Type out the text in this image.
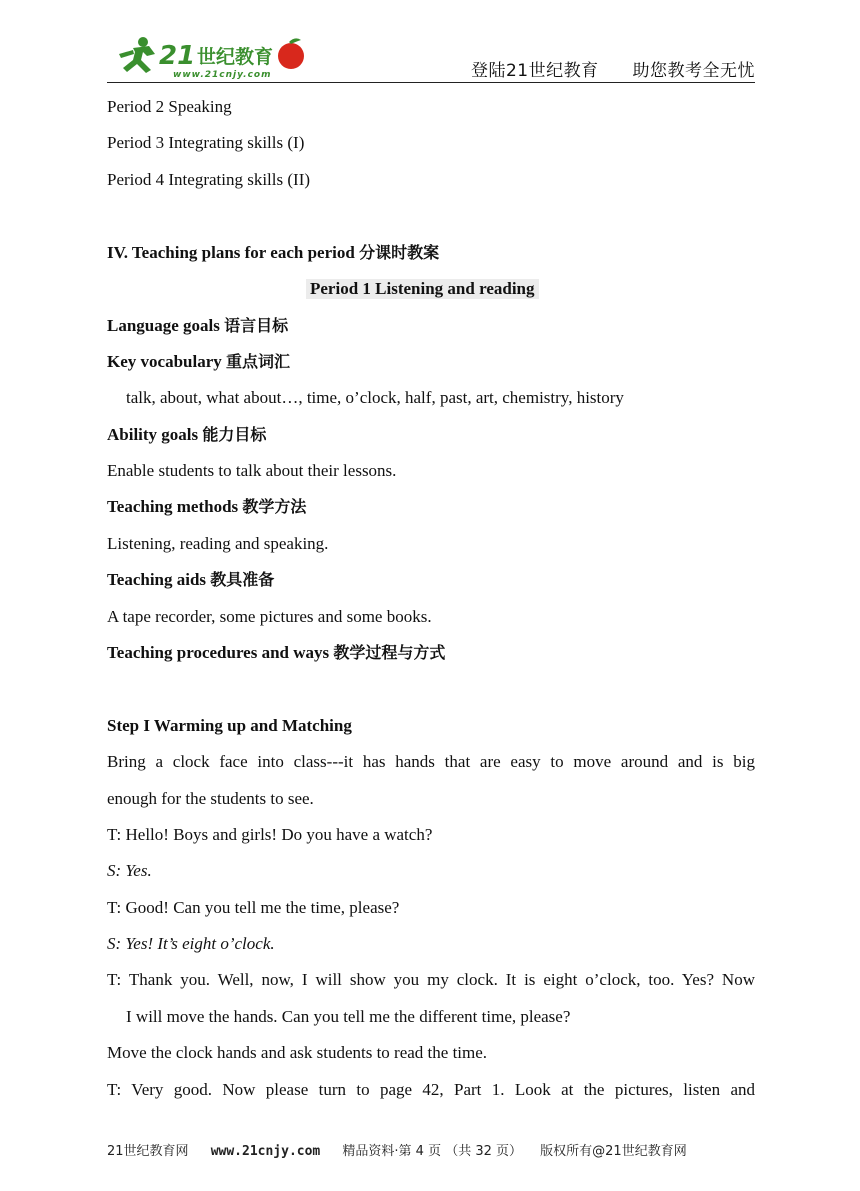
21 世纪教育
www.21cnjy.com	登陆21世纪教育 助您教考全无忧
Period 2 Speaking
Period 3 Integrating skills (I)
Period 4 Integrating skills (II)
IV. Teaching plans for each period 分课时教案
Period 1 Listening and reading
Language goals 语言目标
Key vocabulary 重点词汇
talk, about, what about…, time, o’clock, half, past, art, chemistry, history
Ability goals 能力目标
Enable students to talk about their lessons.
Teaching methods 教学方法
Listening, reading and speaking.
Teaching aids 教具准备
A tape recorder, some pictures and some books.
Teaching procedures and ways 教学过程与方式
Step I Warming up and Matching
Bring a clock face into class---it has hands that are easy to move around and is big
enough for the students to see.
T: Hello! Boys and girls! Do you have a watch?
S: Yes.
T: Good! Can you tell me the time, please?
S: Yes! It’s eight o’clock.
T: Thank you. Well, now, I will show you my clock. It is eight o’clock, too. Yes? Now
I will move the hands. Can you tell me the different time, please?
Move the clock hands and ask students to read the time.
T: Very good. Now please turn to page 42, Part 1. Look at the pictures, listen and
21世纪教育网 www.21cnjy.com 精品资料·第 4 页 （共 32 页） 版权所有@21世纪教育网
